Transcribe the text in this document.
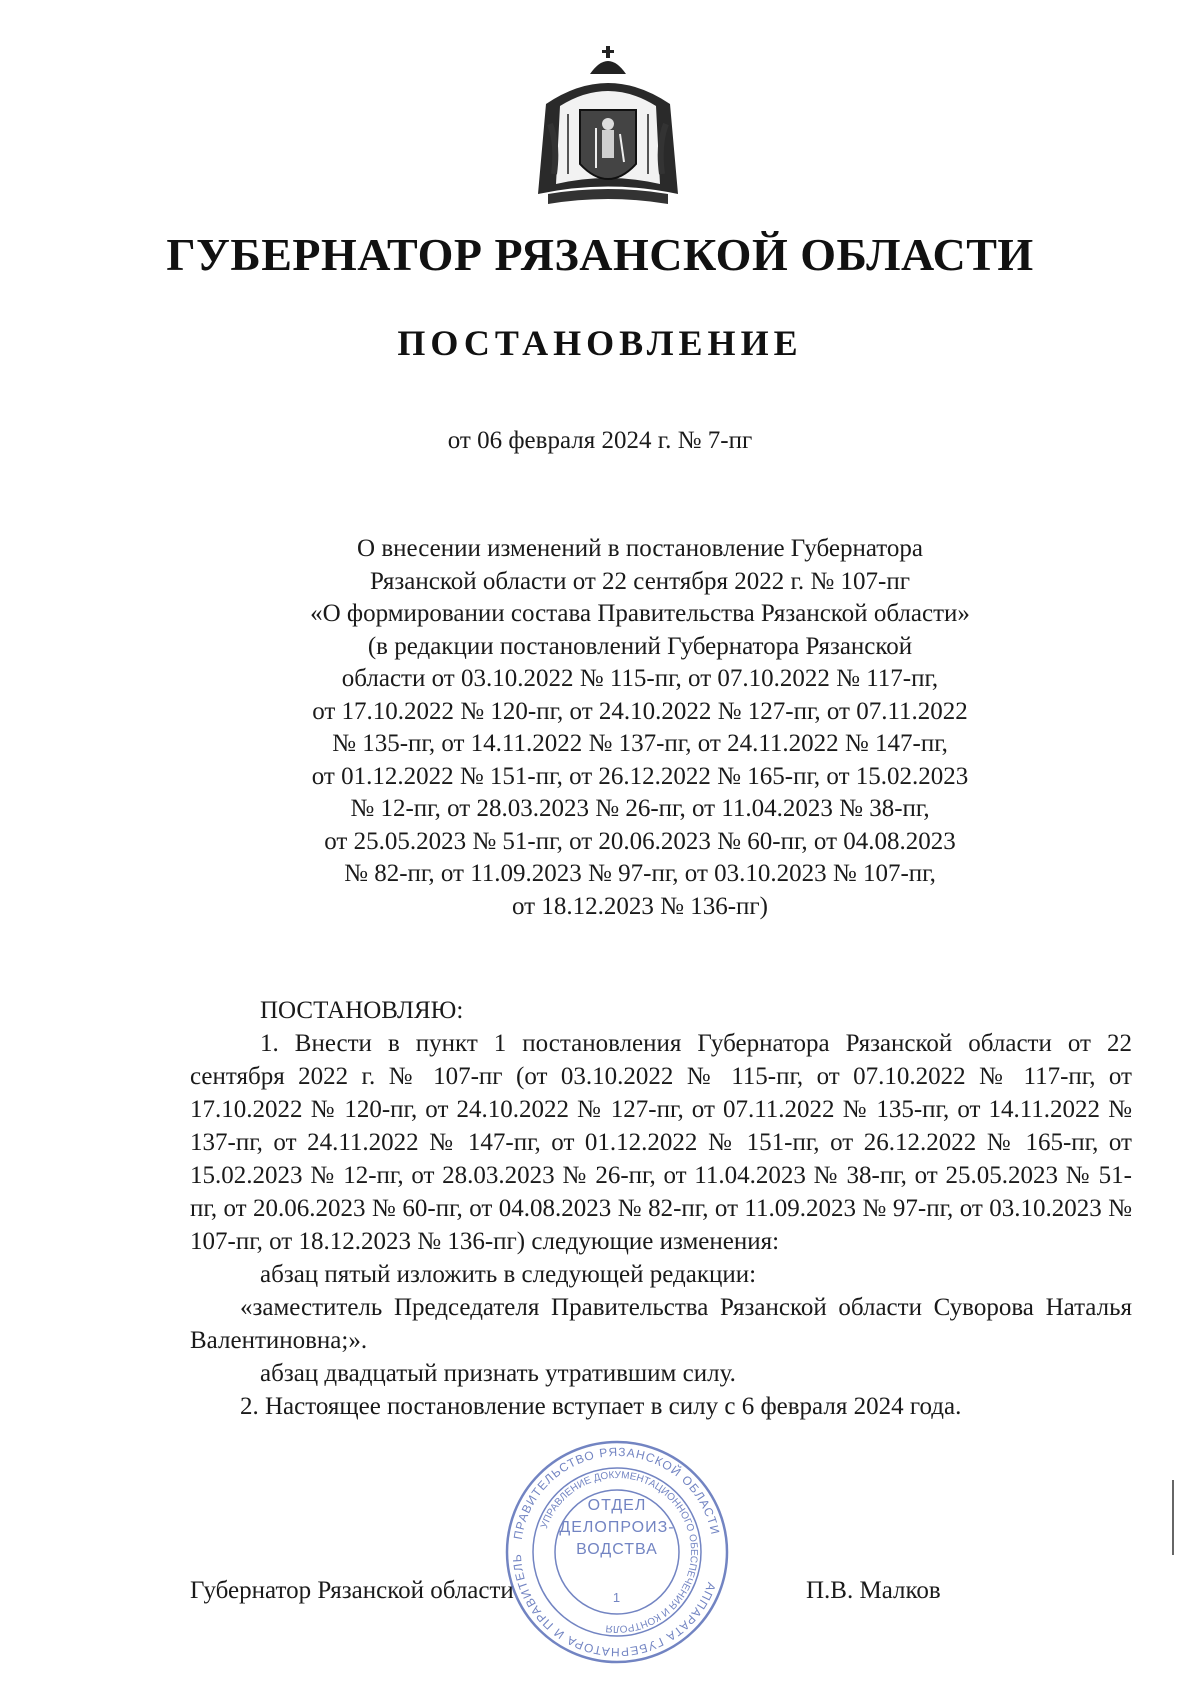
ГУБЕРНАТОР РЯЗАНСКОЙ ОБЛАСТИ
ПОСТАНОВЛЕНИЕ
от 06 февраля 2024 г. № 7-пг
О внесении изменений в постановление Губернатора
Рязанской области от 22 сентября 2022 г. № 107-пг
«О формировании состава Правительства Рязанской области»
(в редакции постановлений Губернатора Рязанской
области от 03.10.2022 № 115-пг, от 07.10.2022 № 117-пг,
от 17.10.2022 № 120-пг, от 24.10.2022 № 127-пг, от 07.11.2022
№ 135-пг, от 14.11.2022 № 137-пг, от 24.11.2022 № 147-пг,
от 01.12.2022 № 151-пг, от 26.12.2022 № 165-пг, от 15.02.2023
№ 12-пг, от 28.03.2023 № 26-пг, от 11.04.2023 № 38-пг,
от 25.05.2023 № 51-пг, от 20.06.2023 № 60-пг, от 04.08.2023
№ 82-пг, от 11.09.2023 № 97-пг, от 03.10.2023 № 107-пг,
от 18.12.2023 № 136-пг)

ПОСТАНОВЛЯЮ:

1. Внести в пункт 1 постановления Губернатора Рязанской области от 22 сентября 2022 г. № 107-пг (от 03.10.2022 № 115-пг, от 07.10.2022 № 117-пг, от 17.10.2022 № 120-пг, от 24.10.2022 № 127-пг, от 07.11.2022 № 135-пг, от 14.11.2022 № 137-пг, от 24.11.2022 № 147-пг, от 01.12.2022 № 151-пг, от 26.12.2022 № 165-пг, от 15.02.2023 № 12-пг, от 28.03.2023 № 26-пг, от 11.04.2023 № 38-пг, от 25.05.2023 № 51-пг, от 20.06.2023 № 60-пг, от 04.08.2023 № 82-пг, от 11.09.2023 № 97-пг, от 03.10.2023 № 107-пг, от 18.12.2023 № 136-пг) следующие изменения:

абзац пятый изложить в следующей редакции:

«заместитель Председателя Правительства Рязанской области Суворова Наталья Валентиновна;».

абзац двадцатый признать утратившим силу.

2. Настоящее постановление вступает в силу с 6 февраля 2024 года.

Губернатор Рязанской области	П.В. Малков
ПРАВИТЕЛЬСТВО РЯЗАНСКОЙ ОБЛАСТИ
АППАРАТА ГУБЕРНАТОРА И ПРАВИТЕЛЬ
УПРАВЛЕНИЕ ДОКУМЕНТАЦИОННОГО ОБЕСПЕЧЕНИЯ И КОНТРОЛЯ
ОТДЕЛ
ДЕЛОПРОИЗ-
ВОДСТВА
1
